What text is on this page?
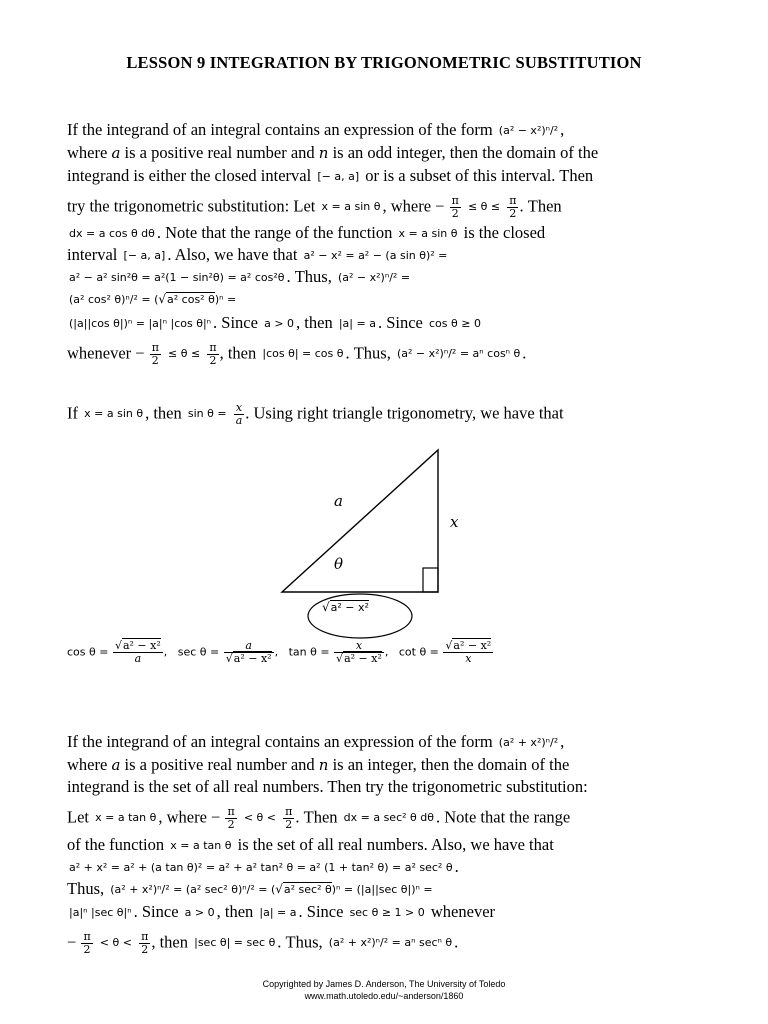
LESSON 9 INTEGRATION BY TRIGONOMETRIC SUBSTITUTION
If the integrand of an integral contains an expression of the form (a² − x²)ⁿ/² ,
where a is a positive real number and n is an odd integer, then the domain of the
integrand is either the closed interval [− a, a] or is a subset of this interval. Then
try the trigonometric substitution: Let x = a sin θ , where − $\frac{\pi}{2} \le \theta \le \frac{\pi}{2}$ . Then
dx = a cos θ dθ . Note that the range of the function x = a sin θ is the closed
interval [− a, a] . Also, we have that a² − x² = a² − (a sin θ)² =
a² − a² sin²θ = a²(1 − sin²θ) = a² cos²θ . Thus, (a² − x²)ⁿ/² =
(a² cos² θ)ⁿ/² = (√a² cos² θ)ⁿ =
(|a||cos θ|)ⁿ = |a|ⁿ |cos θ|ⁿ . Since a > 0 , then |a| = a . Since cos θ ≥ 0
whenever − $\frac{\pi}{2} \le \theta \le \frac{\pi}{2}$ , then |cos θ| = cos θ . Thus, (a² − x²)ⁿ/² = aⁿ cosⁿ θ .
If x = a sin θ , then $\sin \theta = \frac{x}{a}$ . Using right triangle trigonometry, we have that
a
x
θ
√a² − x²
$\cos \theta = \frac{\text{√a² − x²}}{a}$ , $\sec \theta = \frac{a}{\text{√a² − x²}}$ , $\tan \theta = \frac{x}{\text{√a² − x²}}$ , $\cot \theta = \frac{\text{√a² − x²}}{x}$
If the integrand of an integral contains an expression of the form (a² + x²)ⁿ/² ,
where a is a positive real number and n is an integer, then the domain of the
integrand is the set of all real numbers. Then try the trigonometric substitution:
Let x = a tan θ , where − $\frac{\pi}{2} < \theta < \frac{\pi}{2}$ . Then dx = a sec² θ dθ . Note that the range
of the function x = a tan θ is the set of all real numbers. Also, we have that
a² + x² = a² + (a tan θ)² = a² + a² tan² θ = a² (1 + tan² θ) = a² sec² θ .
Thus, (a² + x²)ⁿ/² = (a² sec² θ)ⁿ/² = (√a² sec² θ)ⁿ = (|a||sec θ|)ⁿ =
|a|ⁿ |sec θ|ⁿ . Since a > 0 , then |a| = a . Since sec θ ≥ 1 > 0 whenever
− $\frac{\pi}{2} < \theta < \frac{\pi}{2}$ , then |sec θ| = sec θ . Thus, (a² + x²)ⁿ/² = aⁿ secⁿ θ .
Copyrighted by James D. Anderson, The University of Toledo
www.math.utoledo.edu/~anderson/1860
